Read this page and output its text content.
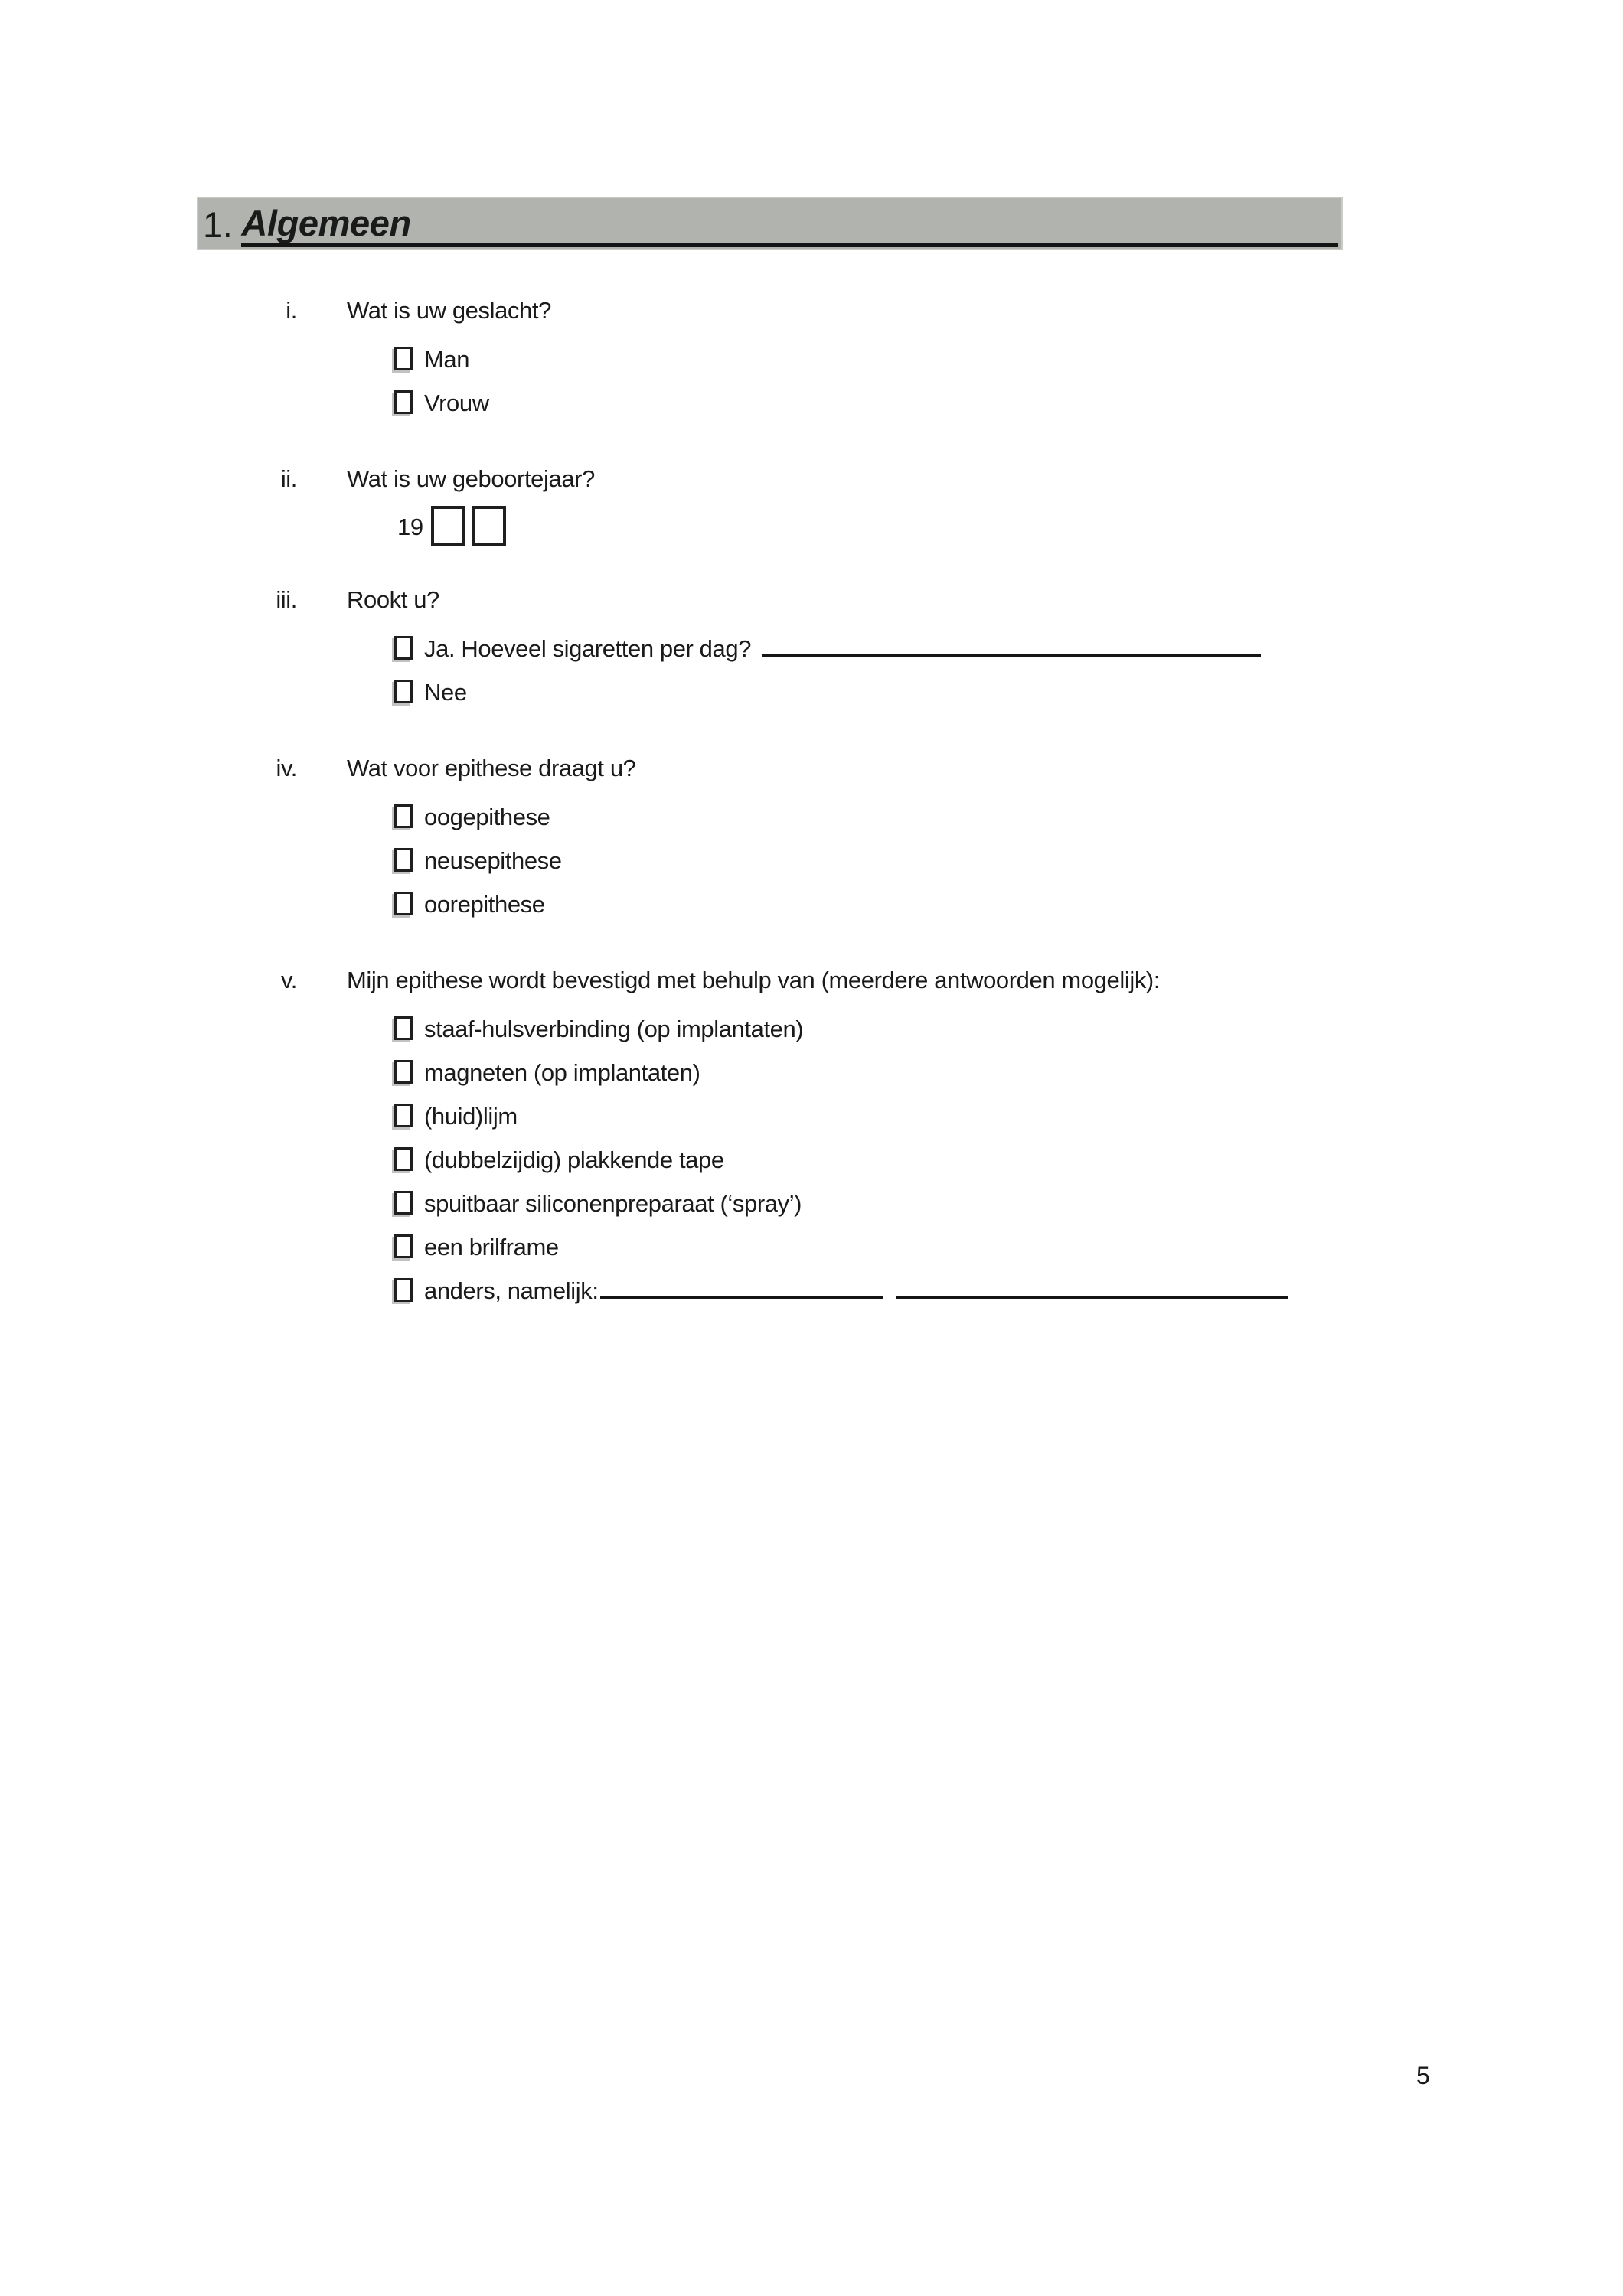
1. Algemeen
i. Wat is uw geslacht?
Man
Vrouw
ii. Wat is uw geboortejaar?
19
iii. Rookt u?
Ja. Hoeveel sigaretten per dag?
Nee
iv. Wat voor epithese draagt u?
oogepithese
neusepithese
oorepithese
v. Mijn epithese wordt bevestigd met behulp van (meerdere antwoorden mogelijk):
staaf-hulsverbinding (op implantaten)
magneten (op implantaten)
(huid)lijm
(dubbelzijdig) plakkende tape
spuitbaar siliconenpreparaat (‘spray’)
een brilframe
anders, namelijk:
5
